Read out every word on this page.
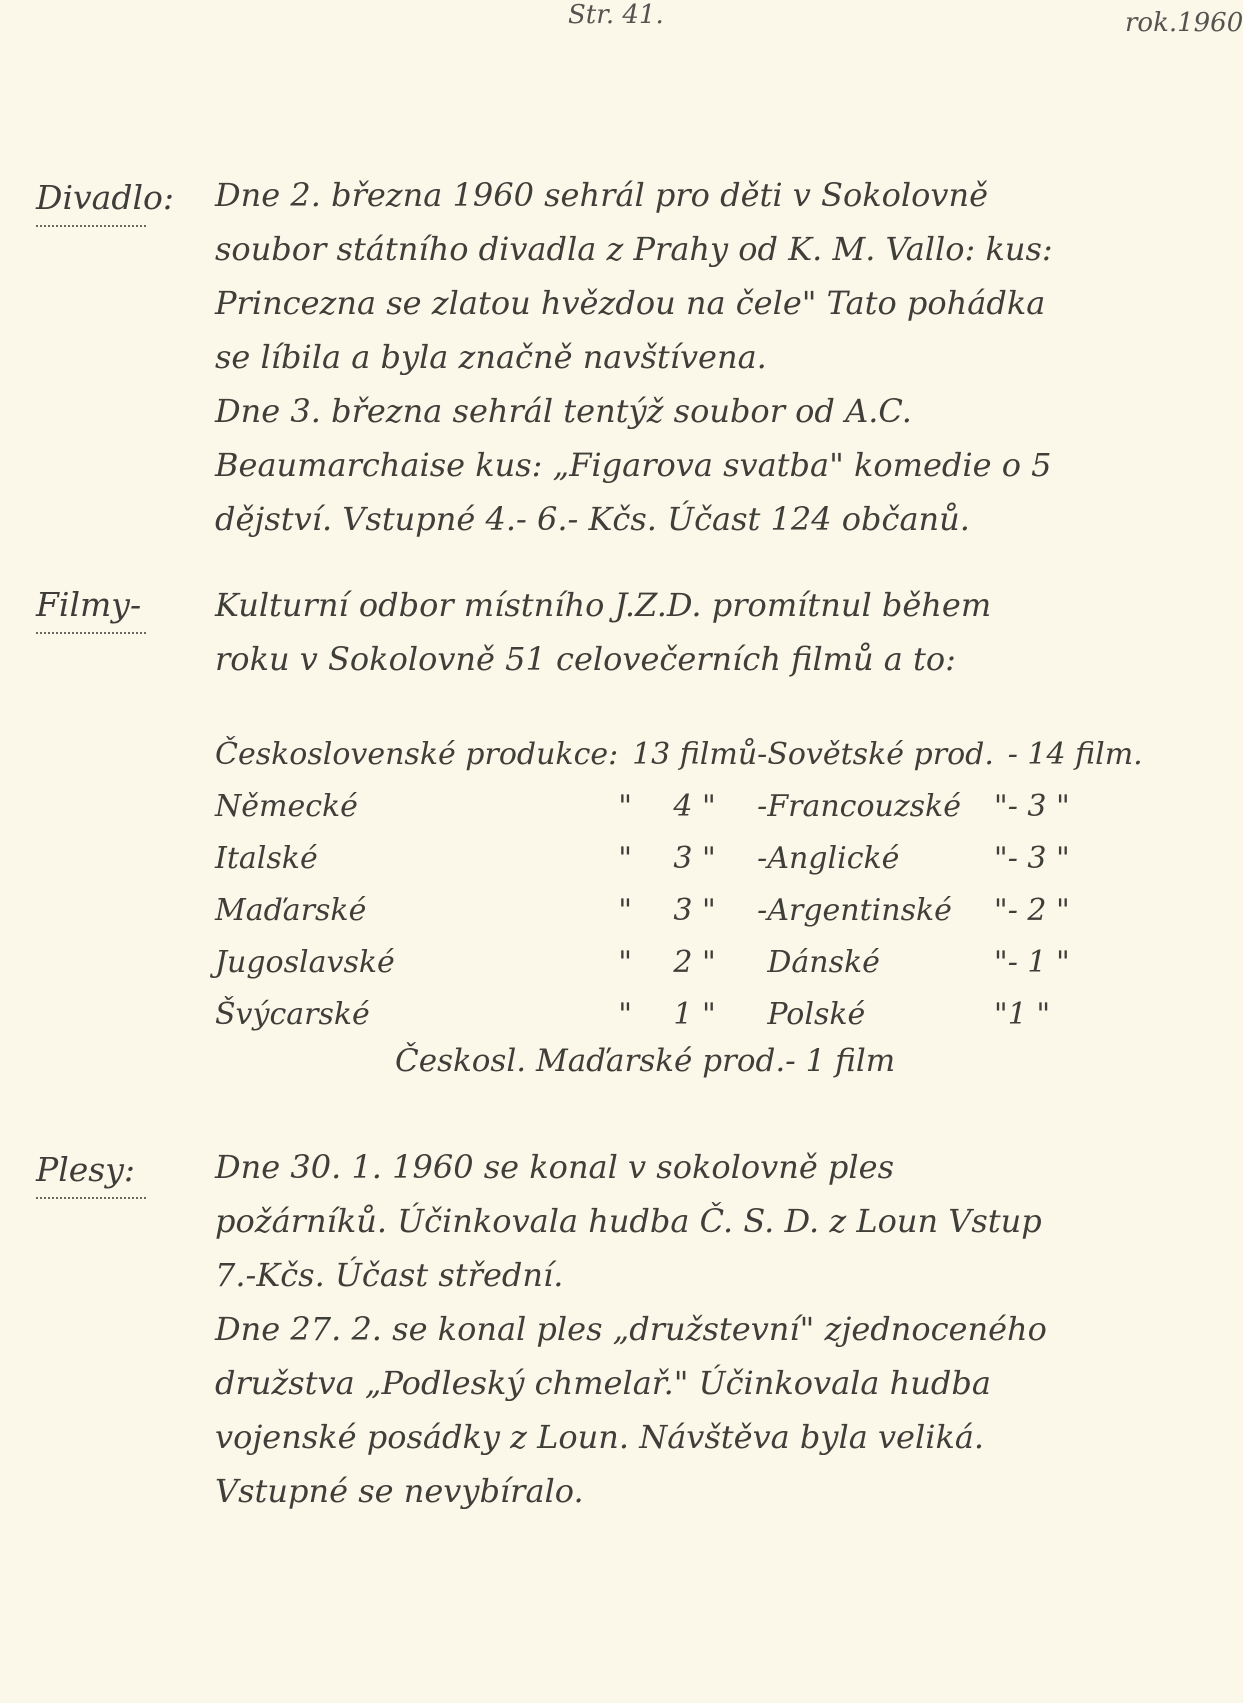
Str. 41.	rok.1960
Divadlo:	Dne 2. března 1960 sehrál pro děti v Sokolovně soubor státního divadla z Prahy od K. M. Vallo: kus: Princezna se zlatou hvězdou na čele" Tato pohádka se líbila a byla značně navštívena.

Dne 3. března sehrál tentýž soubor od A.C. Beaumarchaise kus: „Figarova svatba" komedie o 5 dějství. Vstupné 4.- 6.- Kčs. Účast 124 občanů.

Filmy-	Kulturní odbor místního J.Z.D. promítnul během roku v Sokolovně 51 celovečerních filmů a to:

Československé produkce:		13 filmů	-	Sovětské prod.		- 14 film.
Německé	"	4 "	-	Francouzské	"	- 3 "
Italské	"	3 "	-	Anglické	"	- 3 "
Maďarské	"	3 "	-	Argentinské	"	- 2 "
Jugoslavské	"	2 "		Dánské	"	- 1 "
Švýcarské	"	1 "		Polské	"	1 "
Českosl. Maďarské prod.- 1 film
Plesy:	Dne 30. 1. 1960 se konal v sokolovně ples požárníků. Účinkovala hudba Č. S. D. z Loun Vstup 7.-Kčs. Účast střední.

Dne 27. 2. se konal ples „družstevní" zjednoceného družstva „Podleský chmelař." Účinkovala hudba vojenské posádky z Loun. Návštěva byla veliká. Vstupné se nevybíralo.
